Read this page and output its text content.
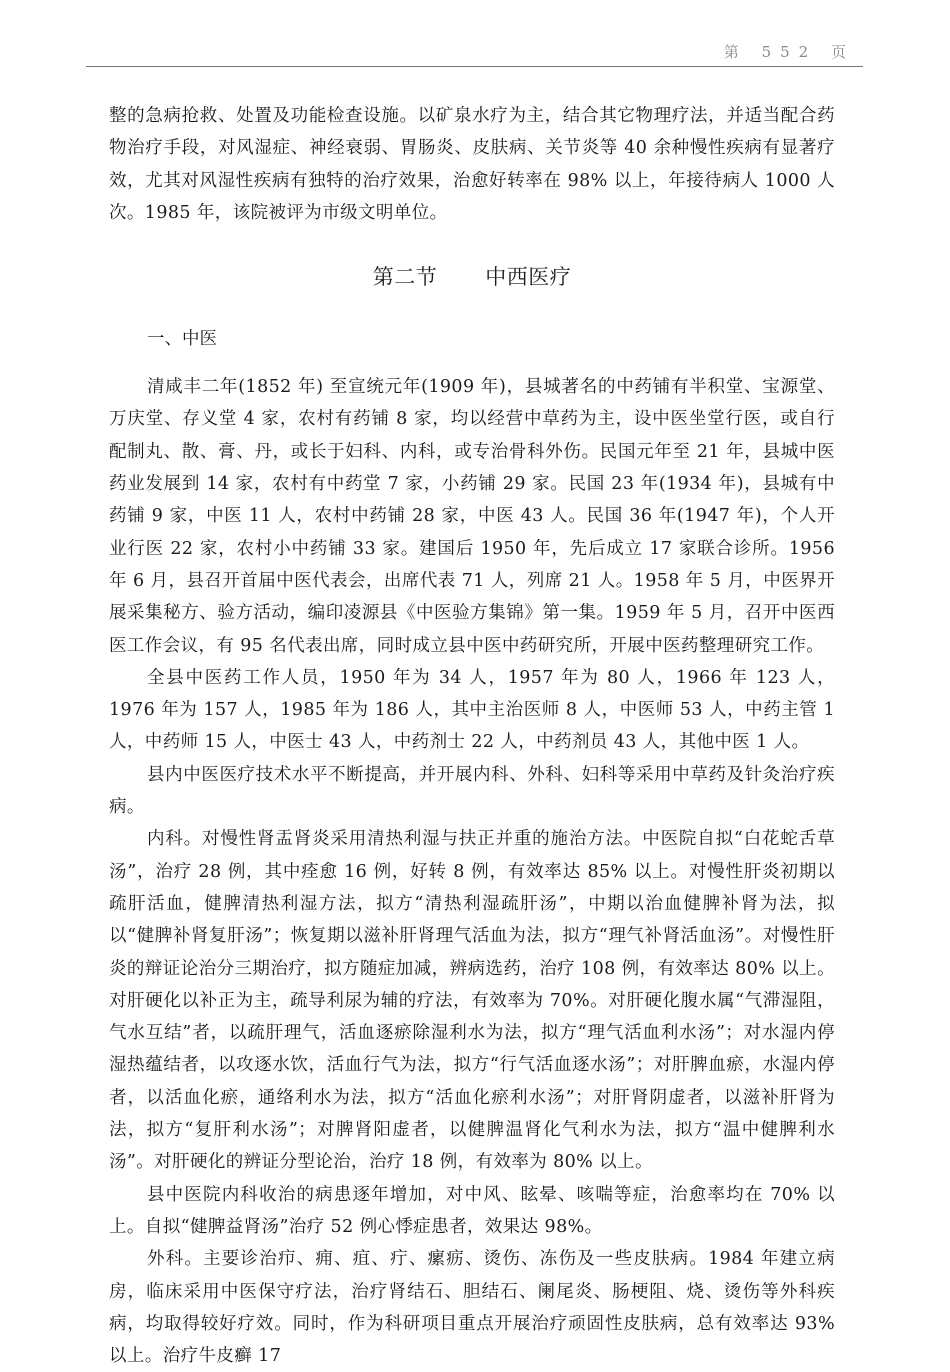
第 552 页

整的急病抢救、处置及功能检查设施。以矿泉水疗为主，结合其它物理疗法，并适当配合药物治疗手段，对风湿症、神经衰弱、胃肠炎、皮肤病、关节炎等 40 余种慢性疾病有显著疗效，尤其对风湿性疾病有独特的治疗效果，治愈好转率在 98% 以上，年接待病人 1000 人次。1985 年，该院被评为市级文明单位。

第二节 中西医疗
一、中医

清咸丰二年(1852 年) 至宣统元年(1909 年)，县城著名的中药铺有半积堂、宝源堂、万庆堂、存义堂 4 家，农村有药铺 8 家，均以经营中草药为主，设中医坐堂行医，或自行配制丸、散、膏、丹，或长于妇科、内科，或专治骨科外伤。民国元年至 21 年，县城中医药业发展到 14 家，农村有中药堂 7 家，小药铺 29 家。民国 23 年(1934 年)，县城有中药铺 9 家，中医 11 人，农村中药铺 28 家，中医 43 人。民国 36 年(1947 年)，个人开业行医 22 家，农村小中药铺 33 家。建国后 1950 年，先后成立 17 家联合诊所。1956 年 6 月，县召开首届中医代表会，出席代表 71 人，列席 21 人。1958 年 5 月，中医界开展采集秘方、验方活动，编印凌源县《中医验方集锦》第一集。1959 年 5 月，召开中医西医工作会议，有 95 名代表出席，同时成立县中医中药研究所，开展中医药整理研究工作。

全县中医药工作人员，1950 年为 34 人，1957 年为 80 人，1966 年 123 人，1976 年为 157 人，1985 年为 186 人，其中主治医师 8 人，中医师 53 人，中药主管 1 人，中药师 15 人，中医士 43 人，中药剂士 22 人，中药剂员 43 人，其他中医 1 人。

县内中医医疗技术水平不断提高，并开展内科、外科、妇科等采用中草药及针灸治疗疾病。

内科。对慢性肾盂肾炎采用清热利湿与扶正并重的施治方法。中医院自拟“白花蛇舌草汤”，治疗 28 例，其中痊愈 16 例，好转 8 例，有效率达 85% 以上。对慢性肝炎初期以疏肝活血，健脾清热利湿方法，拟方“清热利湿疏肝汤”，中期以治血健脾补肾为法，拟以“健脾补肾复肝汤”；恢复期以滋补肝肾理气活血为法，拟方“理气补肾活血汤”。对慢性肝炎的辩证论治分三期治疗，拟方随症加减，辨病选药，治疗 108 例，有效率达 80% 以上。对肝硬化以补正为主，疏导利尿为辅的疗法，有效率为 70%。对肝硬化腹水属“气滞湿阻，气水互结”者，以疏肝理气，活血逐瘀除湿利水为法，拟方“理气活血利水汤”；对水湿内停湿热蕴结者，以攻逐水饮，活血行气为法，拟方“行气活血逐水汤”；对肝脾血瘀，水湿内停者，以活血化瘀，通络利水为法，拟方“活血化瘀利水汤”；对肝肾阴虚者，以滋补肝肾为法，拟方“复肝利水汤”；对脾肾阳虚者，以健脾温肾化气利水为法，拟方“温中健脾利水汤”。对肝硬化的辨证分型论治，治疗 18 例，有效率为 80% 以上。

县中医院内科收治的病患逐年增加，对中风、眩晕、咳喘等症，治愈率均在 70% 以上。自拟“健脾益肾汤”治疗 52 例心悸症患者，效果达 98%。

外科。主要诊治疖、痈、疽、疔、瘰疬、烫伤、冻伤及一些皮肤病。1984 年建立病房，临床采用中医保守疗法，治疗肾结石、胆结石、阑尾炎、肠梗阻、烧、烫伤等外科疾病，均取得较好疗效。同时，作为科研项目重点开展治疗顽固性皮肤病，总有效率达 93% 以上。治疗牛皮癣 17
